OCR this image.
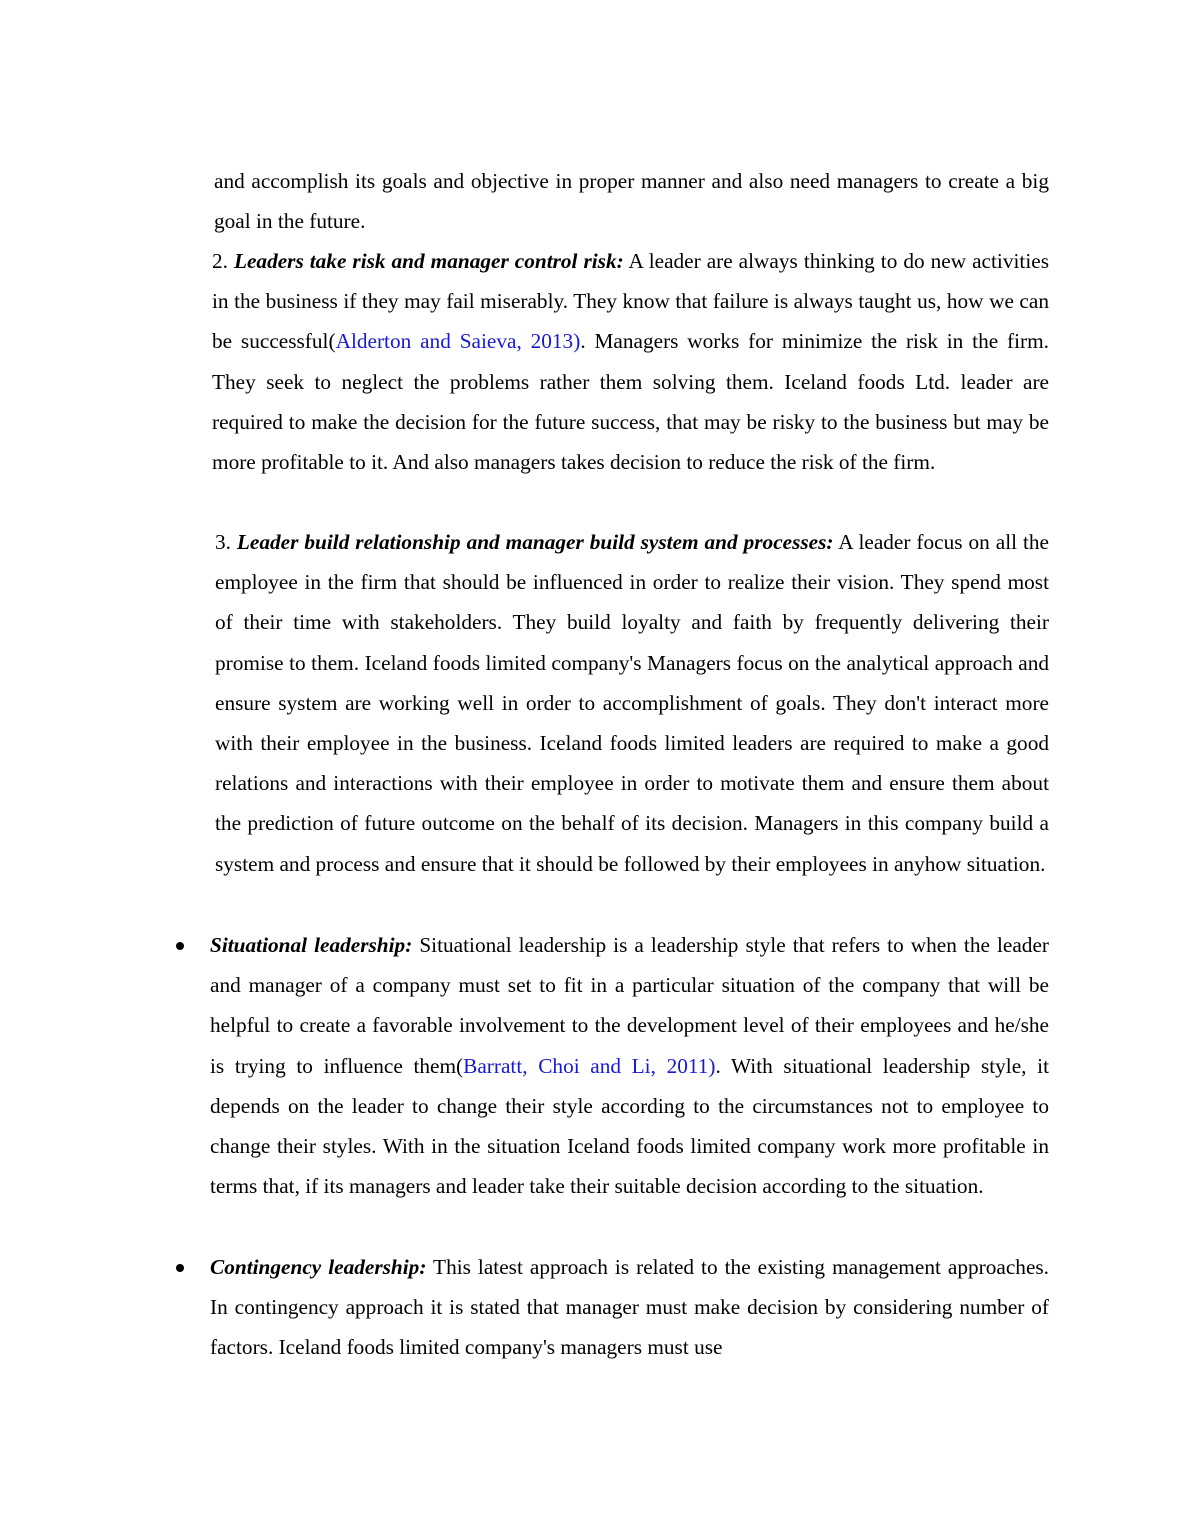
and accomplish its goals and objective in proper manner and also need managers to create a big goal in the future.

2. Leaders take risk and manager control risk: A leader are always thinking to do new activities in the business if they may fail miserably. They know that failure is always taught us, how we can be successful(Alderton and Saieva, 2013). Managers works for minimize the risk in the firm. They seek to neglect the problems rather them solving them. Iceland foods Ltd. leader are required to make the decision for the future success, that may be risky to the business but may be more profitable to it. And also managers takes decision to reduce the risk of the firm.

3. Leader build relationship and manager build system and processes: A leader focus on all the employee in the firm that should be influenced in order to realize their vision. They spend most of their time with stakeholders. They build loyalty and faith by frequently delivering their promise to them. Iceland foods limited company's Managers focus on the analytical approach and ensure system are working well in order to accomplishment of goals. They don't interact more with their employee in the business. Iceland foods limited leaders are required to make a good relations and interactions with their employee in order to motivate them and ensure them about the prediction of future outcome on the behalf of its decision. Managers in this company build a system and process and ensure that it should be followed by their employees in anyhow situation.

Situational leadership: Situational leadership is a leadership style that refers to when the leader and manager of a company must set to fit in a particular situation of the company that will be helpful to create a favorable involvement to the development level of their employees and he/she is trying to influence them(Barratt, Choi and Li, 2011). With situational leadership style, it depends on the leader to change their style according to the circumstances not to employee to change their styles. With in the situation Iceland foods limited company work more profitable in terms that, if its managers and leader take their suitable decision according to the situation.

Contingency leadership: This latest approach is related to the existing management approaches. In contingency approach it is stated that manager must make decision by considering number of factors. Iceland foods limited company's managers must use
